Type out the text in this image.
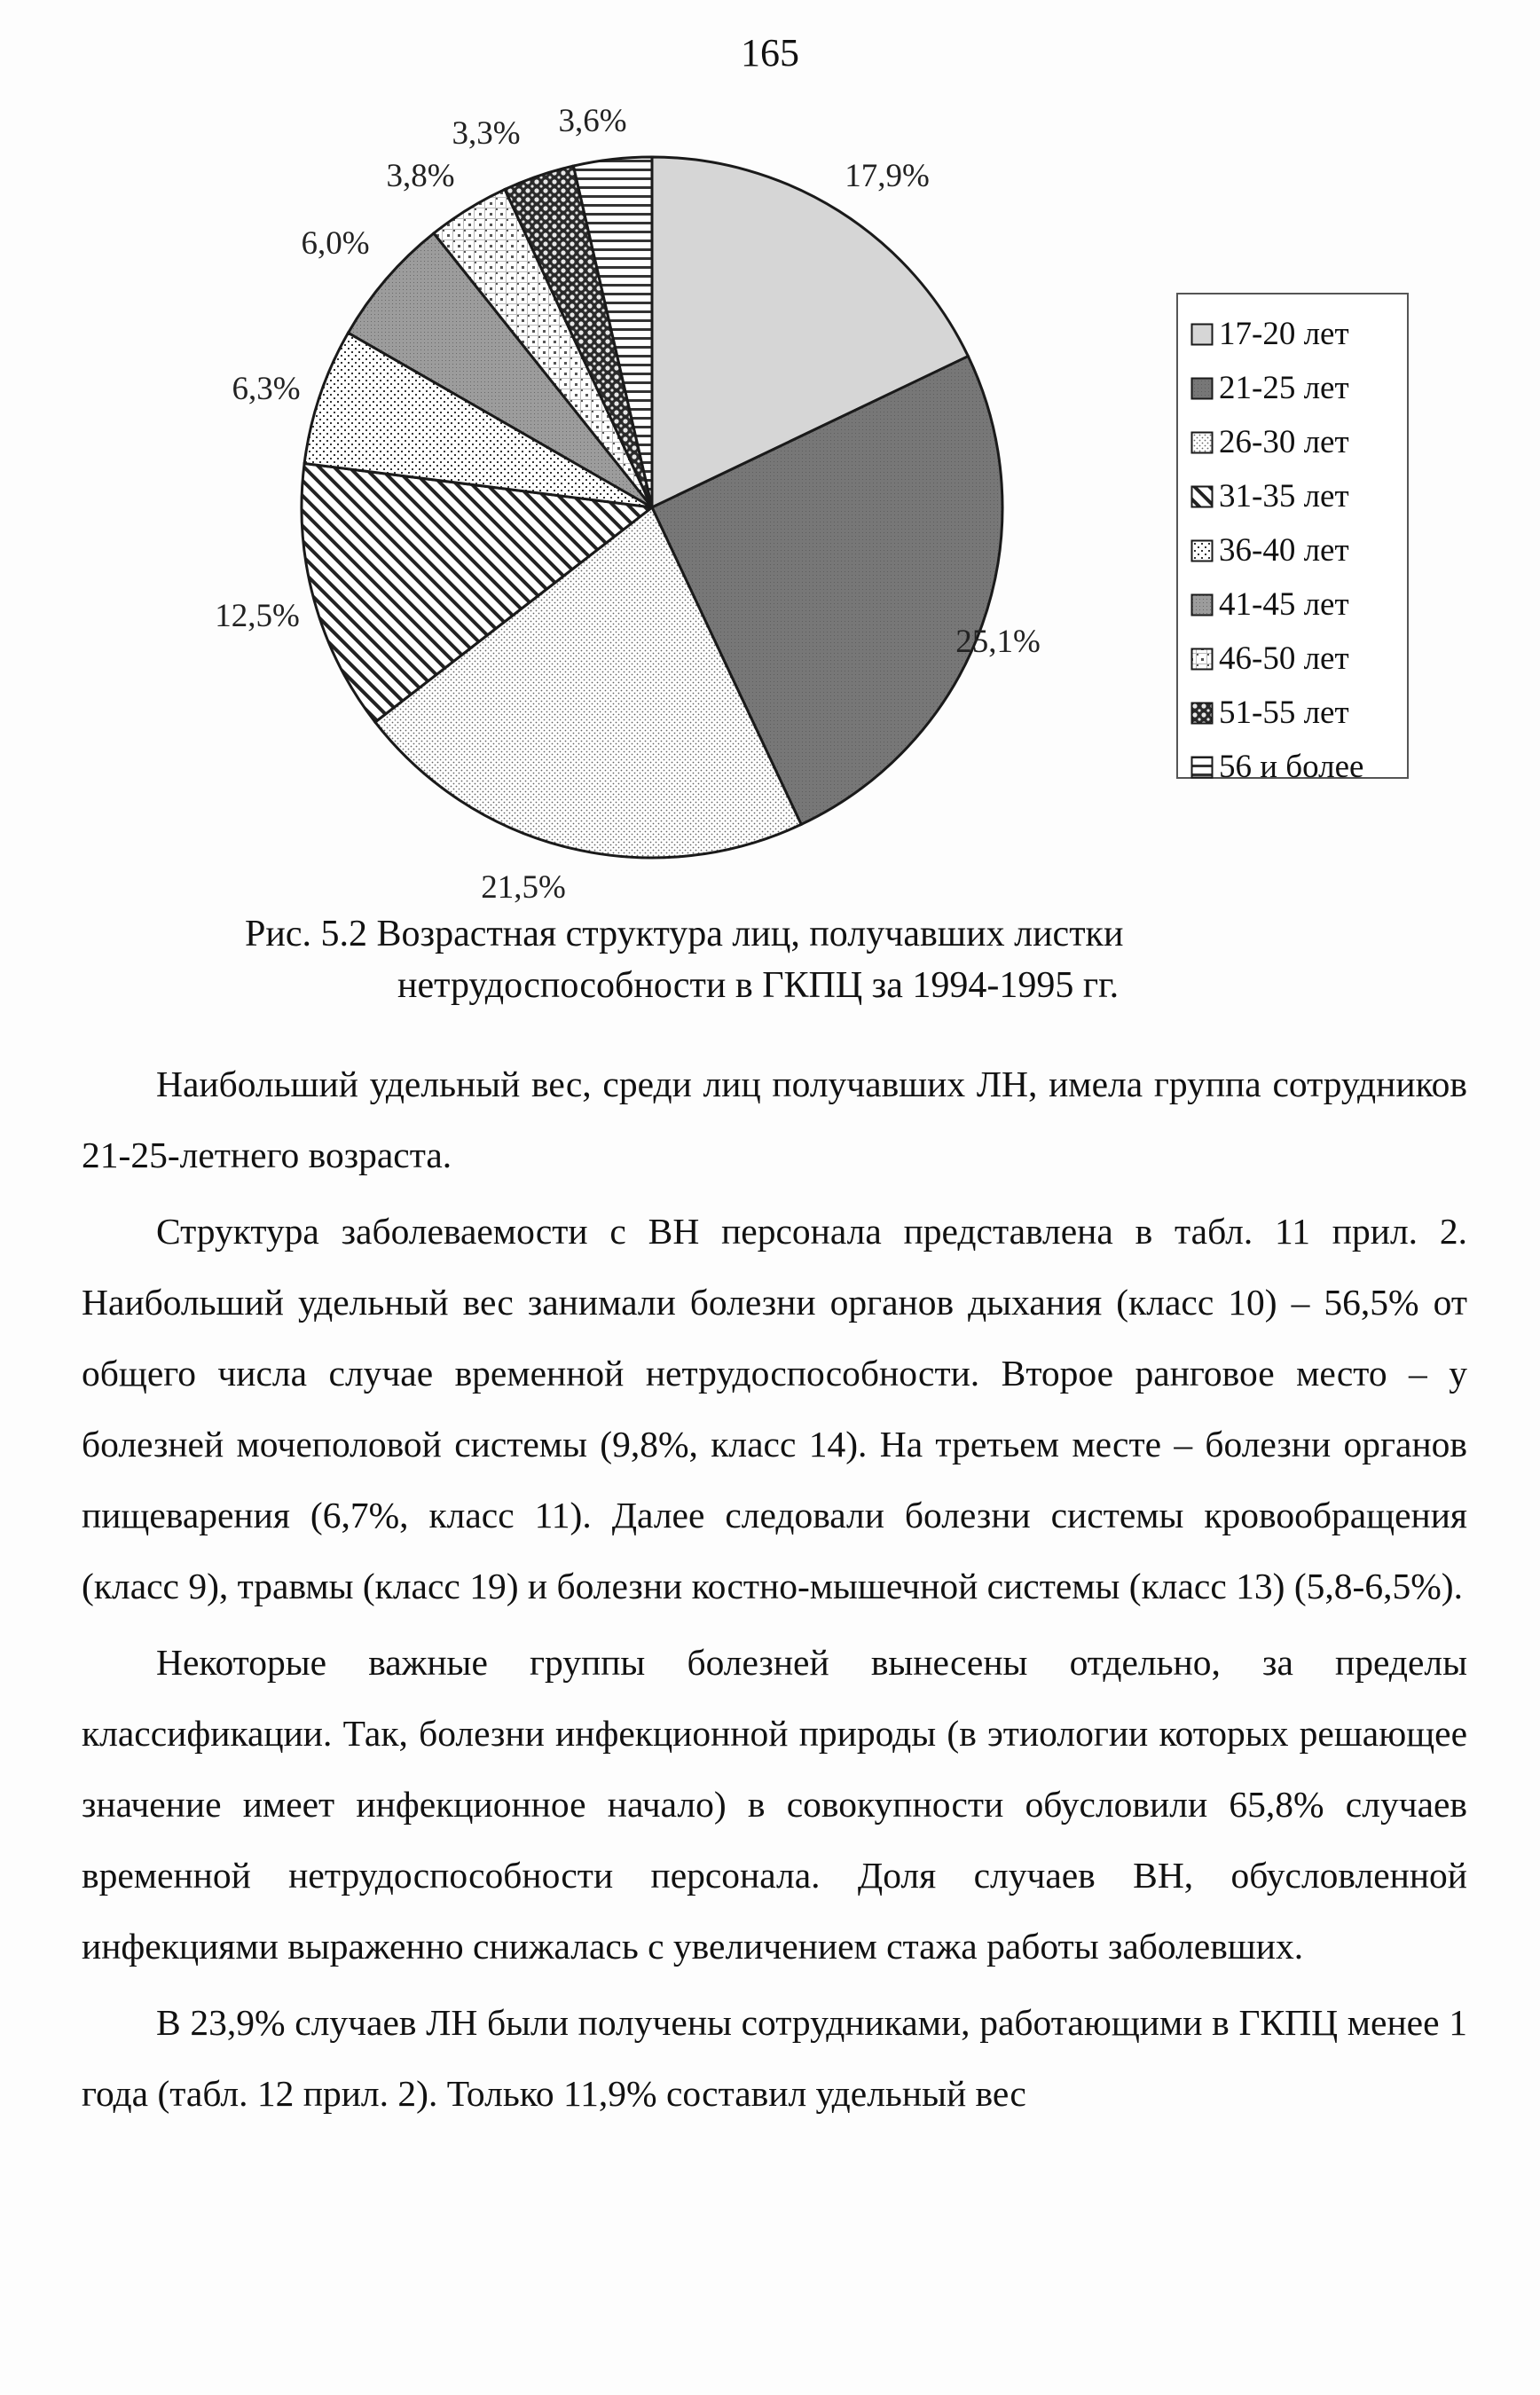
165
17,9%
25,1%
21,5%
12,5%
6,3%
6,0%
3,8%
3,3% 3,6%
17-20 лет
21-25 лет
26-30 лет
31-35 лет
36-40 лет
41-45 лет
46-50 лет
51-55 лет
56 и более
Рис. 5.2 Возрастная структура лиц, получавших листки
нетрудоспособности в ГКПЦ за 1994-1995 гг.

Наибольший удельный вес, среди лиц получавших ЛН, имела группа сотрудников 21-25-летнего возраста.

Структура заболеваемости с ВН персонала представлена в табл. 11 прил. 2. Наибольший удельный вес занимали болезни органов дыхания (класс 10) – 56,5% от общего числа случае временной нетрудоспособности. Второе ранговое место – у болезней мочеполовой системы (9,8%, класс 14). На третьем месте – болезни органов пищеварения (6,7%, класс 11). Далее следовали болезни системы кровообращения (класс 9), травмы (класс 19) и болезни костно-мышечной системы (класс 13) (5,8-6,5%).

Некоторые важные группы болезней вынесены отдельно, за пределы классификации. Так, болезни инфекционной природы (в этиологии которых решающее значение имеет инфекционное начало) в совокупности обусловили 65,8% случаев временной нетрудоспособности персонала. Доля случаев ВН, обусловленной инфекциями выраженно снижалась с увеличением стажа работы заболевших.

В 23,9% случаев ЛН были получены сотрудниками, работающими в ГКПЦ менее 1 года (табл. 12 прил. 2). Только 11,9% составил удельный вес
